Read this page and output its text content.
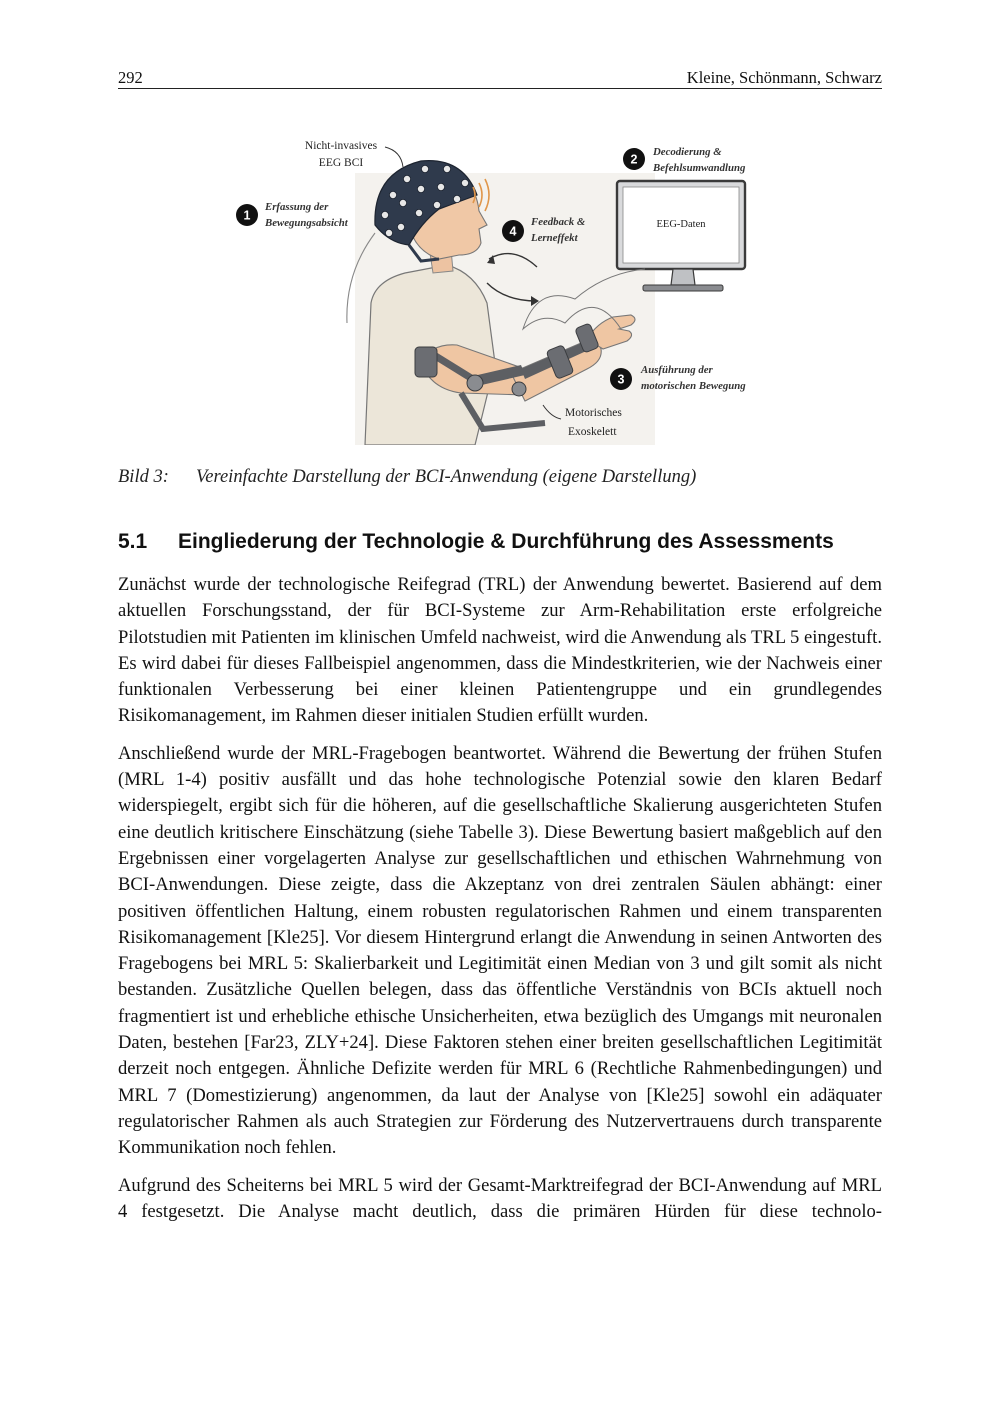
292	Kleine, Schönmann, Schwarz
EEG-Daten
Nicht-invasives
EEG BCI
1
Erfassung der
Bewegungsabsicht
2
Decodierung &
Befehlsumwandlung
4
Feedback &
Lerneffekt
3
Ausführung der
motorischen Bewegung
Motorisches
Exoskelett
Bild 3: Vereinfachte Darstellung der BCI-Anwendung (eigene Darstellung)
5.1 Eingliederung der Technologie & Durchführung des Assessments

Zunächst wurde der technologische Reifegrad (TRL) der Anwendung bewertet. Basierend auf dem aktuellen Forschungsstand, der für BCI-Systeme zur Arm-Rehabilitation erste erfolgreiche Pilotstudien mit Patienten im klinischen Umfeld nachweist, wird die Anwendung als TRL 5 eingestuft. Es wird dabei für dieses Fallbeispiel angenommen, dass die Mindestkriterien, wie der Nachweis einer funktionalen Verbesserung bei einer kleinen Patientengruppe und ein grundlegendes Risikomanagement, im Rahmen dieser initialen Studien erfüllt wurden.

Anschließend wurde der MRL-Fragebogen beantwortet. Während die Bewertung der frühen Stufen (MRL 1-4) positiv ausfällt und das hohe technologische Potenzial sowie den klaren Bedarf widerspiegelt, ergibt sich für die höheren, auf die gesellschaftliche Skalierung ausgerichteten Stufen eine deutlich kritischere Einschätzung (siehe Tabelle 3). Diese Bewertung basiert maßgeblich auf den Ergebnissen einer vorgelagerten Analyse zur gesellschaftlichen und ethischen Wahrnehmung von BCI-Anwendungen. Diese zeigte, dass die Akzeptanz von drei zentralen Säulen abhängt: einer positiven öffentlichen Haltung, einem robusten regulatorischen Rahmen und einem transparenten Risikomanagement [Kle25]. Vor diesem Hintergrund erlangt die Anwendung in seinen Antworten des Fragebogens bei MRL 5: Skalierbarkeit und Legitimität einen Median von 3 und gilt somit als nicht bestanden. Zusätzliche Quellen belegen, dass das öffentliche Verständnis von BCIs aktuell noch fragmentiert ist und erhebliche ethische Unsicherheiten, etwa bezüglich des Umgangs mit neuronalen Daten, bestehen [Far23, ZLY+24]. Diese Faktoren stehen einer breiten gesellschaftlichen Legitimität derzeit noch entgegen. Ähnliche Defizite werden für MRL 6 (Rechtliche Rahmenbedingungen) und MRL 7 (Domestizierung) angenommen, da laut der Analyse von [Kle25] sowohl ein adäquater regulatorischer Rahmen als auch Strategien zur Förderung des Nutzervertrauens durch transparente Kommunikation noch fehlen.

Aufgrund des Scheiterns bei MRL 5 wird der Gesamt-Marktreifegrad der BCI-Anwendung auf MRL 4 festgesetzt. Die Analyse macht deutlich, dass die primären Hürden für diese technolo-
